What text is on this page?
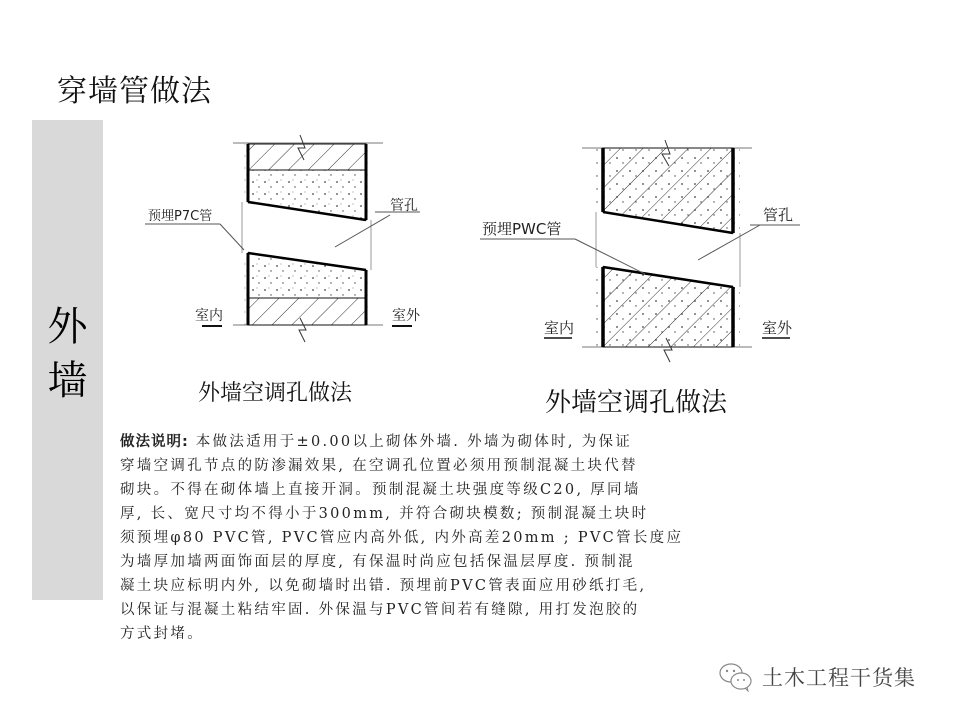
穿墙管做法
外
墙
预埋P7C管
管孔
室内	室外
外墙空调孔做法
预埋PWC管
管孔
室内	室外
外墙空调孔做法
做法说明: 本做法适用于±0.00以上砌体外墙. 外墙为砌体时, 为保证
穿墙空调孔节点的防渗漏效果, 在空调孔位置必须用预制混凝土块代替
砌块。不得在砌体墙上直接开洞。预制混凝土块强度等级C20, 厚同墙
厚, 长、宽尺寸均不得小于300mm, 并符合砌块模数; 预制混凝土块时
须预埋φ80 PVC管, PVC管应内高外低, 内外高差20mm ; PVC管长度应
为墙厚加墙两面饰面层的厚度, 有保温时尚应包括保温层厚度. 预制混
凝土块应标明内外, 以免砌墙时出错. 预埋前PVC管表面应用砂纸打毛,
以保证与混凝土粘结牢固. 外保温与PVC管间若有缝隙, 用打发泡胶的
方式封堵。
土木工程干货集
